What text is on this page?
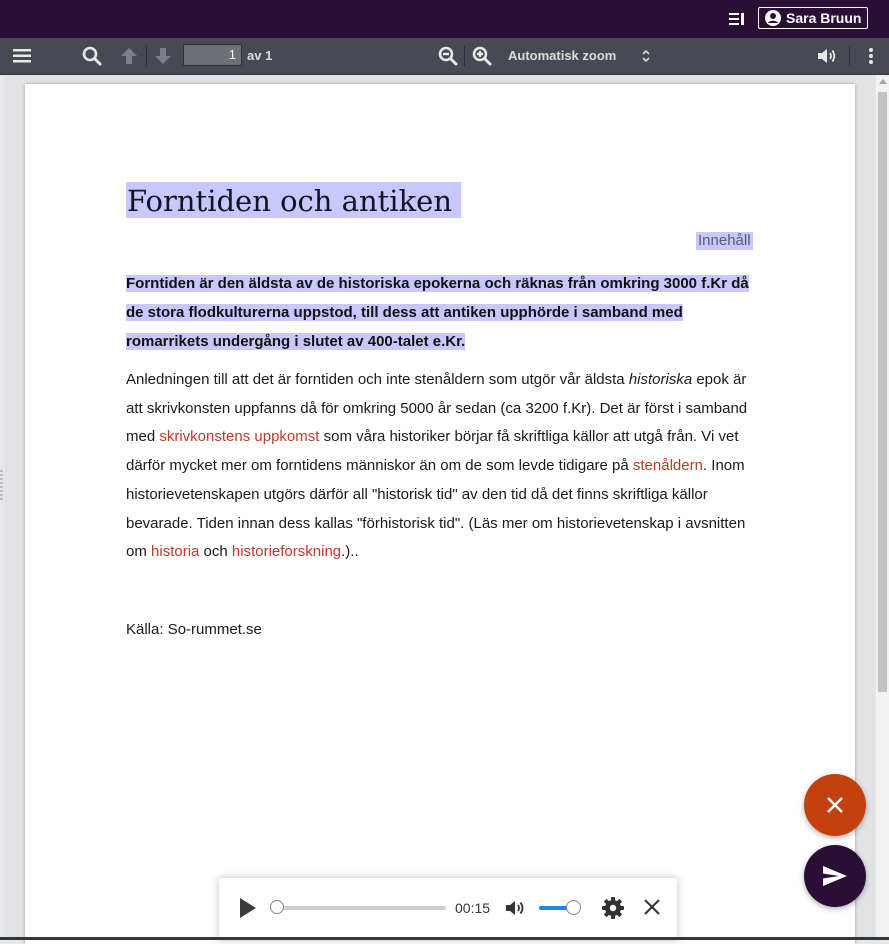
Sara Bruun
1 av 1	Automatisk zoom
Forntiden och antiken
Innehåll
Forntiden är den äldsta av de historiska epokerna och räknas från omkring 3000 f.Kr då de stora flodkulturerna uppstod, till dess att antiken upphörde i samband med romarrikets undergång i slutet av 400-talet e.Kr.
Anledningen till att det är forntiden och inte stenåldern som utgör vår äldsta historiska epok är att skrivkonsten uppfanns då för omkring 5000 år sedan (ca 3200 f.Kr). Det är först i samband med skrivkonstens uppkomst som våra historiker börjar få skriftliga källor att utgå från. Vi vet därför mycket mer om forntidens människor än om de som levde tidigare på stenåldern. Inom historievetenskapen utgörs därför all "historisk tid" av den tid då det finns skriftliga källor bevarade. Tiden innan dess kallas "förhistorisk tid". (Läs mer om historievetenskap i avsnitten om historia och historieforskning.)..
Källa: So-rummet.se
00:15
